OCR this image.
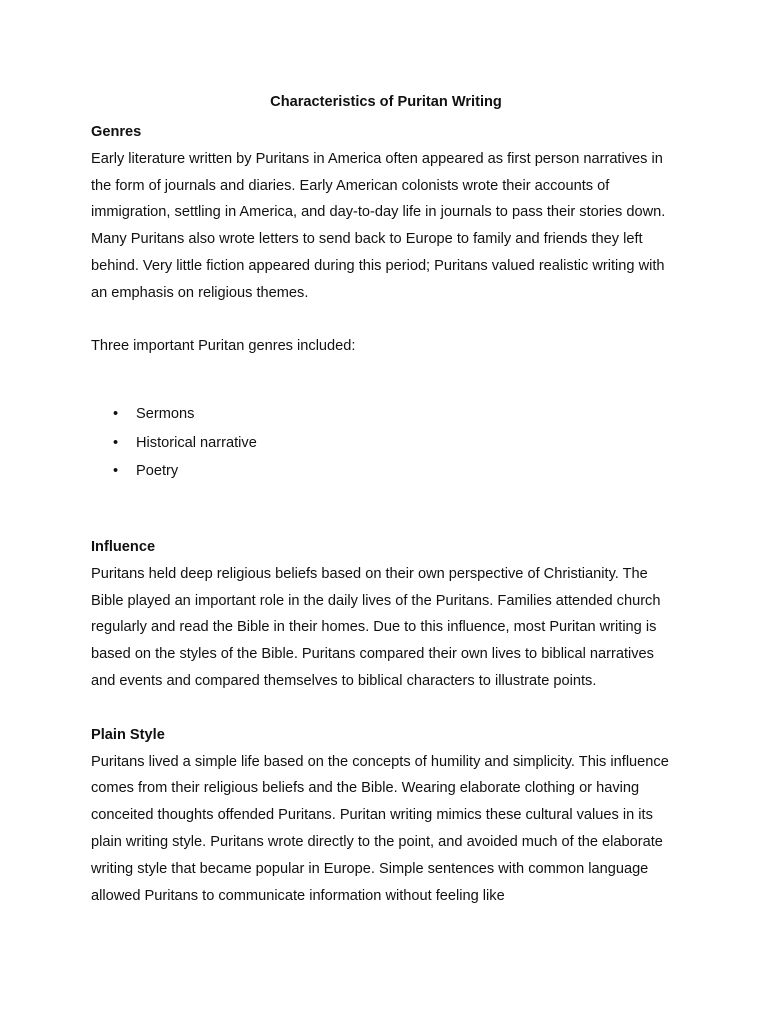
Characteristics of Puritan Writing
Genres

Early literature written by Puritans in America often appeared as first person narratives in the form of journals and diaries. Early American colonists wrote their accounts of immigration, settling in America, and day-to-day life in journals to pass their stories down. Many Puritans also wrote letters to send back to Europe to family and friends they left behind. Very little fiction appeared during this period; Puritans valued realistic writing with an emphasis on religious themes.

Three important Puritan genres included:

• Sermons
• Historical narrative
• Poetry
Influence

Puritans held deep religious beliefs based on their own perspective of Christianity. The Bible played an important role in the daily lives of the Puritans. Families attended church regularly and read the Bible in their homes. Due to this influence, most Puritan writing is based on the styles of the Bible. Puritans compared their own lives to biblical narratives and events and compared themselves to biblical characters to illustrate points.

Plain Style

Puritans lived a simple life based on the concepts of humility and simplicity. This influence comes from their religious beliefs and the Bible. Wearing elaborate clothing or having conceited thoughts offended Puritans. Puritan writing mimics these cultural values in its plain writing style. Puritans wrote directly to the point, and avoided much of the elaborate writing style that became popular in Europe. Simple sentences with common language allowed Puritans to communicate information without feeling like
